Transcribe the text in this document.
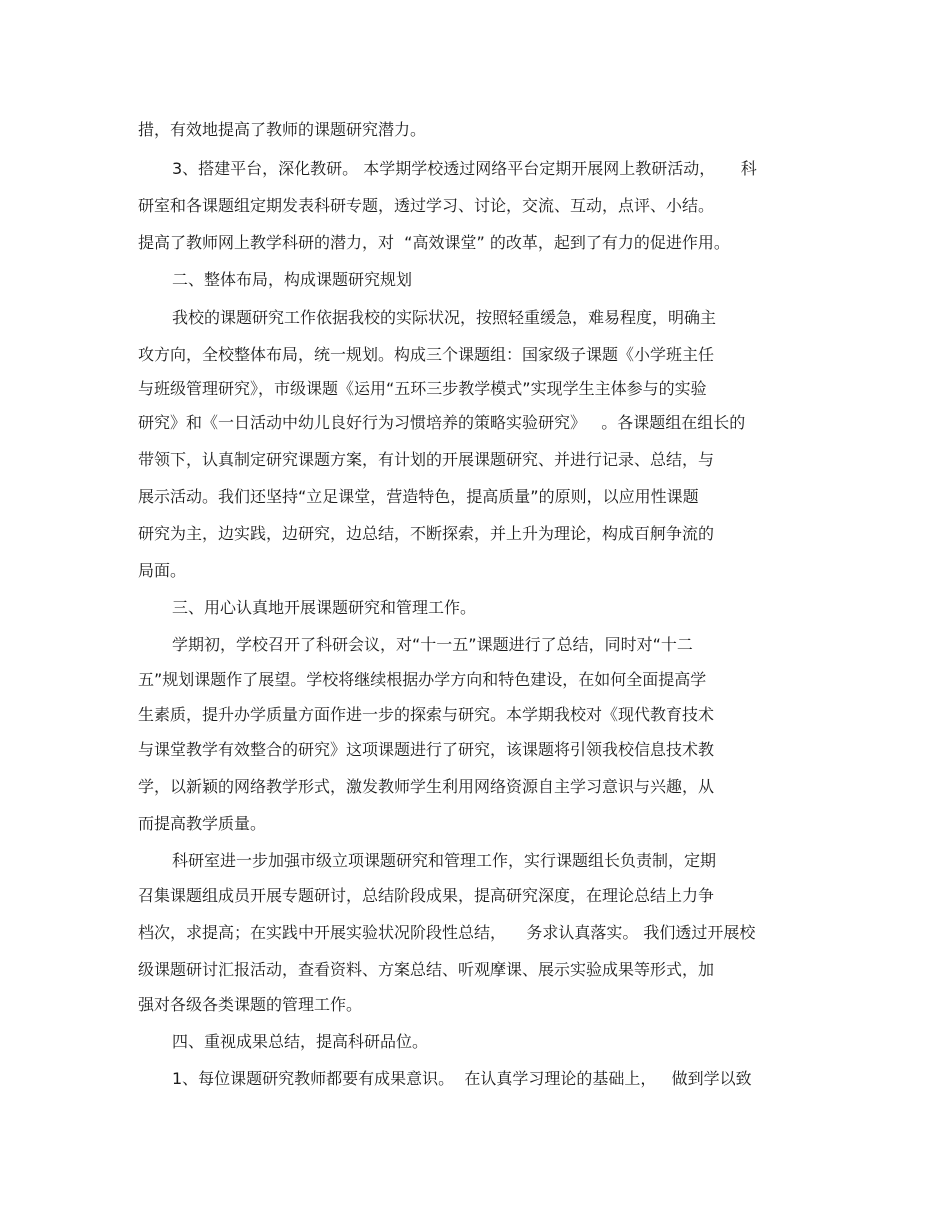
措，有效地提高了教师的课题研究潜力。
3、搭建平台，深化教研。 本学期学校透过网络平台定期开展网上教研活动，     科
研室和各课题组定期发表科研专题，透过学习、讨论，交流、互动，点评、小结。
提高了教师网上教学科研的潜力，对  “高效课堂” 的改革，起到了有力的促进作用。
二、整体布局，构成课题研究规划
我校的课题研究工作依据我校的实际状况，按照轻重缓急，难易程度，明确主
攻方向，全校整体布局，统一规划。构成三个课题组：国家级子课题《小学班主任
与班级管理研究》，市级课题《运用“五环三步教学模式”实现学生主体参与的实验
研究》和《一日活动中幼儿良好行为习惯培养的策略实验研究》   。各课题组在组长的
带领下，认真制定研究课题方案，有计划的开展课题研究、并进行记录、总结，与
展示活动。我们还坚持“立足课堂，营造特色，提高质量”的原则，以应用性课题
研究为主，边实践，边研究，边总结，不断探索，并上升为理论，构成百舸争流的
局面。
三、用心认真地开展课题研究和管理工作。
学期初，学校召开了科研会议，对“十一五”课题进行了总结，同时对“十二
五”规划课题作了展望。学校将继续根据办学方向和特色建设，在如何全面提高学
生素质，提升办学质量方面作进一步的探索与研究。本学期我校对《现代教育技术
与课堂教学有效整合的研究》这项课题进行了研究，该课题将引领我校信息技术教
学，以新颖的网络教学形式，激发教师学生利用网络资源自主学习意识与兴趣，从
而提高教学质量。
科研室进一步加强市级立项课题研究和管理工作，实行课题组长负责制，定期
召集课题组成员开展专题研讨，总结阶段成果，提高研究深度，在理论总结上力争
档次，求提高；在实践中开展实验状况阶段性总结，    务求认真落实。 我们透过开展校
级课题研讨汇报活动，查看资料、方案总结、听观摩课、展示实验成果等形式，加
强对各级各类课题的管理工作。
四、重视成果总结，提高科研品位。
1、每位课题研究教师都要有成果意识。  在认真学习理论的基础上，   做到学以致
